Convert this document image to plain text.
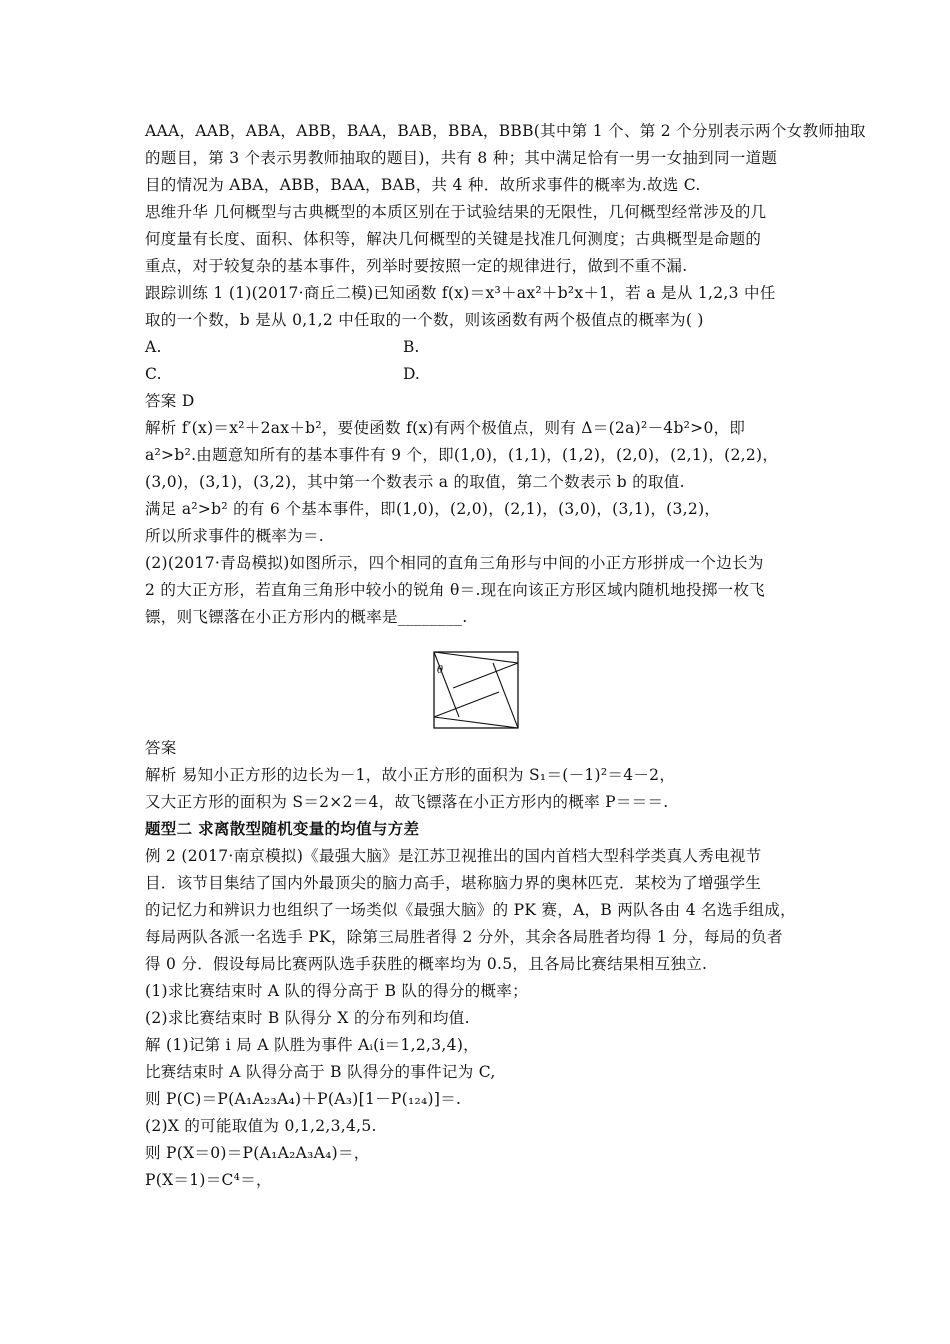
AAA，AAB，ABA，ABB，BAA，BAB，BBA，BBB(其中第 1 个、第 2 个分别表示两个女教师抽取
的题目，第 3 个表示男教师抽取的题目)，共有 8 种；其中满足恰有一男一女抽到同一道题
目的情况为 ABA，ABB，BAA，BAB，共 4 种．故所求事件的概率为.故选 C.
思维升华 几何概型与古典概型的本质区别在于试验结果的无限性，几何概型经常涉及的几
何度量有长度、面积、体积等，解决几何概型的关键是找准几何测度；古典概型是命题的
重点，对于较复杂的基本事件，列举时要按照一定的规律进行，做到不重不漏.
跟踪训练 1 (1)(2017·商丘二模)已知函数 f(x)＝x³＋ax²＋b²x＋1，若 a 是从 1,2,3 中任
取的一个数，b 是从 0,1,2 中任取的一个数，则该函数有两个极值点的概率为( )
A.	B.
C.	D.
答案 D
解析 f′(x)＝x²＋2ax＋b²，要使函数 f(x)有两个极值点，则有 Δ＝(2a)²－4b²>0，即
a²>b².由题意知所有的基本事件有 9 个，即(1,0)，(1,1)，(1,2)，(2,0)，(2,1)，(2,2)，
(3,0)，(3,1)，(3,2)，其中第一个数表示 a 的取值，第二个数表示 b 的取值.
满足 a²>b² 的有 6 个基本事件，即(1,0)，(2,0)，(2,1)，(3,0)，(3,1)，(3,2)，
所以所求事件的概率为＝.
(2)(2017·青岛模拟)如图所示，四个相同的直角三角形与中间的小正方形拼成一个边长为
2 的大正方形，若直角三角形中较小的锐角 θ＝.现在向该正方形区域内随机地投掷一枚飞
镖，则飞镖落在小正方形内的概率是________.
θ
答案
解析 易知小正方形的边长为－1，故小正方形的面积为 S₁＝(－1)²＝4－2，
又大正方形的面积为 S＝2×2＝4，故飞镖落在小正方形内的概率 P＝＝＝.
题型二 求离散型随机变量的均值与方差
例 2 (2017·南京模拟)《最强大脑》是江苏卫视推出的国内首档大型科学类真人秀电视节
目．该节目集结了国内外最顶尖的脑力高手，堪称脑力界的奥林匹克．某校为了增强学生
的记忆力和辨识力也组织了一场类似《最强大脑》的 PK 赛，A，B 两队各由 4 名选手组成，
每局两队各派一名选手 PK，除第三局胜者得 2 分外，其余各局胜者均得 1 分，每局的负者
得 0 分．假设每局比赛两队选手获胜的概率均为 0.5，且各局比赛结果相互独立.
(1)求比赛结束时 A 队的得分高于 B 队的得分的概率；
(2)求比赛结束时 B 队得分 X 的分布列和均值.
解 (1)记第 i 局 A 队胜为事件 Aᵢ(i＝1,2,3,4)，
比赛结束时 A 队得分高于 B 队得分的事件记为 C,
则 P(C)＝P(A₁A₂₃A₄)＋P(A₃)[1－P(₁₂₄)]＝.
(2)X 的可能取值为 0,1,2,3,4,5.
则 P(X＝0)＝P(A₁A₂A₃A₄)＝，
P(X＝1)＝C⁴＝，
